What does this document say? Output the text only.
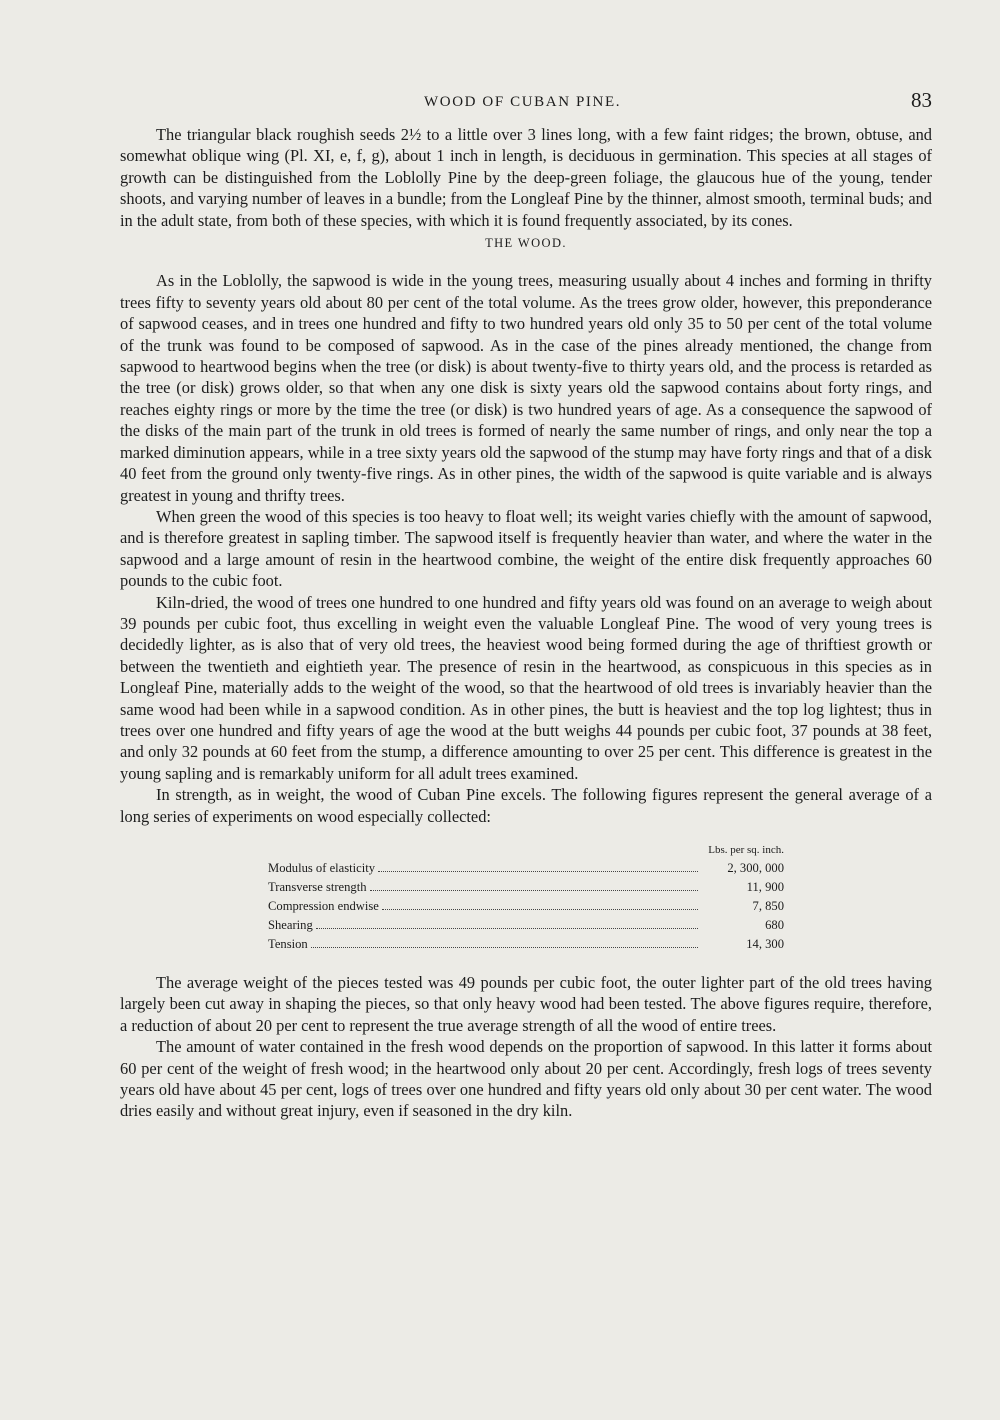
WOOD OF CUBAN PINE.	83

The triangular black roughish seeds 2½ to a little over 3 lines long, with a few faint ridges; the brown, obtuse, and somewhat oblique wing (Pl. XI, e, f, g), about 1 inch in length, is deciduous in germination. This species at all stages of growth can be distinguished from the Loblolly Pine by the deep-green foliage, the glaucous hue of the young, tender shoots, and varying number of leaves in a bundle; from the Longleaf Pine by the thinner, almost smooth, terminal buds; and in the adult state, from both of these species, with which it is found frequently associated, by its cones.

THE WOOD.

As in the Loblolly, the sapwood is wide in the young trees, measuring usually about 4 inches and forming in thrifty trees fifty to seventy years old about 80 per cent of the total volume. As the trees grow older, however, this preponderance of sapwood ceases, and in trees one hundred and fifty to two hundred years old only 35 to 50 per cent of the total volume of the trunk was found to be composed of sapwood. As in the case of the pines already mentioned, the change from sapwood to heartwood begins when the tree (or disk) is about twenty-five to thirty years old, and the process is retarded as the tree (or disk) grows older, so that when any one disk is sixty years old the sapwood contains about forty rings, and reaches eighty rings or more by the time the tree (or disk) is two hundred years of age. As a consequence the sapwood of the disks of the main part of the trunk in old trees is formed of nearly the same number of rings, and only near the top a marked diminution appears, while in a tree sixty years old the sapwood of the stump may have forty rings and that of a disk 40 feet from the ground only twenty-five rings. As in other pines, the width of the sapwood is quite variable and is always greatest in young and thrifty trees.

When green the wood of this species is too heavy to float well; its weight varies chiefly with the amount of sapwood, and is therefore greatest in sapling timber. The sapwood itself is frequently heavier than water, and where the water in the sapwood and a large amount of resin in the heartwood combine, the weight of the entire disk frequently approaches 60 pounds to the cubic foot.

Kiln-dried, the wood of trees one hundred to one hundred and fifty years old was found on an average to weigh about 39 pounds per cubic foot, thus excelling in weight even the valuable Longleaf Pine. The wood of very young trees is decidedly lighter, as is also that of very old trees, the heaviest wood being formed during the age of thriftiest growth or between the twentieth and eightieth year. The presence of resin in the heartwood, as conspicuous in this species as in Longleaf Pine, materially adds to the weight of the wood, so that the heartwood of old trees is invariably heavier than the same wood had been while in a sapwood condition. As in other pines, the butt is heaviest and the top log lightest; thus in trees over one hundred and fifty years of age the wood at the butt weighs 44 pounds per cubic foot, 37 pounds at 38 feet, and only 32 pounds at 60 feet from the stump, a difference amounting to over 25 per cent. This difference is greatest in the young sapling and is remarkably uniform for all adult trees examined.

In strength, as in weight, the wood of Cuban Pine excels. The following figures represent the general average of a long series of experiments on wood especially collected:

Lbs. per sq. inch.
Modulus of elasticity	2, 300, 000
Transverse strength	11, 900
Compression endwise	7, 850
Shearing	680
Tension	14, 300

The average weight of the pieces tested was 49 pounds per cubic foot, the outer lighter part of the old trees having largely been cut away in shaping the pieces, so that only heavy wood had been tested. The above figures require, therefore, a reduction of about 20 per cent to represent the true average strength of all the wood of entire trees.

The amount of water contained in the fresh wood depends on the proportion of sapwood. In this latter it forms about 60 per cent of the weight of fresh wood; in the heartwood only about 20 per cent. Accordingly, fresh logs of trees seventy years old have about 45 per cent, logs of trees over one hundred and fifty years old only about 30 per cent water. The wood dries easily and without great injury, even if seasoned in the dry kiln.
